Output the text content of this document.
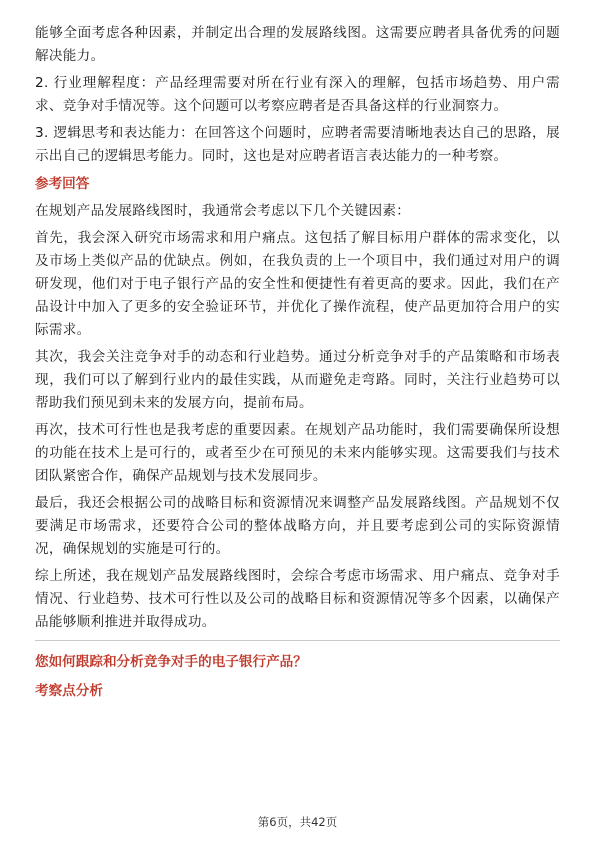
能够全面考虑各种因素，并制定出合理的发展路线图。这需要应聘者具备优秀的问题解决能力。

2. 行业理解程度：产品经理需要对所在行业有深入的理解，包括市场趋势、用户需求、竞争对手情况等。这个问题可以考察应聘者是否具备这样的行业洞察力。

3. 逻辑思考和表达能力：在回答这个问题时，应聘者需要清晰地表达自己的思路，展示出自己的逻辑思考能力。同时，这也是对应聘者语言表达能力的一种考察。

参考回答

在规划产品发展路线图时，我通常会考虑以下几个关键因素：

首先，我会深入研究市场需求和用户痛点。这包括了解目标用户群体的需求变化，以及市场上类似产品的优缺点。例如，在我负责的上一个项目中，我们通过对用户的调研发现，他们对于电子银行产品的安全性和便捷性有着更高的要求。因此，我们在产品设计中加入了更多的安全验证环节，并优化了操作流程，使产品更加符合用户的实际需求。

其次，我会关注竞争对手的动态和行业趋势。通过分析竞争对手的产品策略和市场表现，我们可以了解到行业内的最佳实践，从而避免走弯路。同时，关注行业趋势可以帮助我们预见到未来的发展方向，提前布局。

再次，技术可行性也是我考虑的重要因素。在规划产品功能时，我们需要确保所设想的功能在技术上是可行的，或者至少在可预见的未来内能够实现。这需要我们与技术团队紧密合作，确保产品规划与技术发展同步。

最后，我还会根据公司的战略目标和资源情况来调整产品发展路线图。产品规划不仅要满足市场需求，还要符合公司的整体战略方向，并且要考虑到公司的实际资源情况，确保规划的实施是可行的。

综上所述，我在规划产品发展路线图时，会综合考虑市场需求、用户痛点、竞争对手情况、行业趋势、技术可行性以及公司的战略目标和资源情况等多个因素，以确保产品能够顺利推进并取得成功。

您如何跟踪和分析竞争对手的电子银行产品？
考察点分析
第6页，共42页
